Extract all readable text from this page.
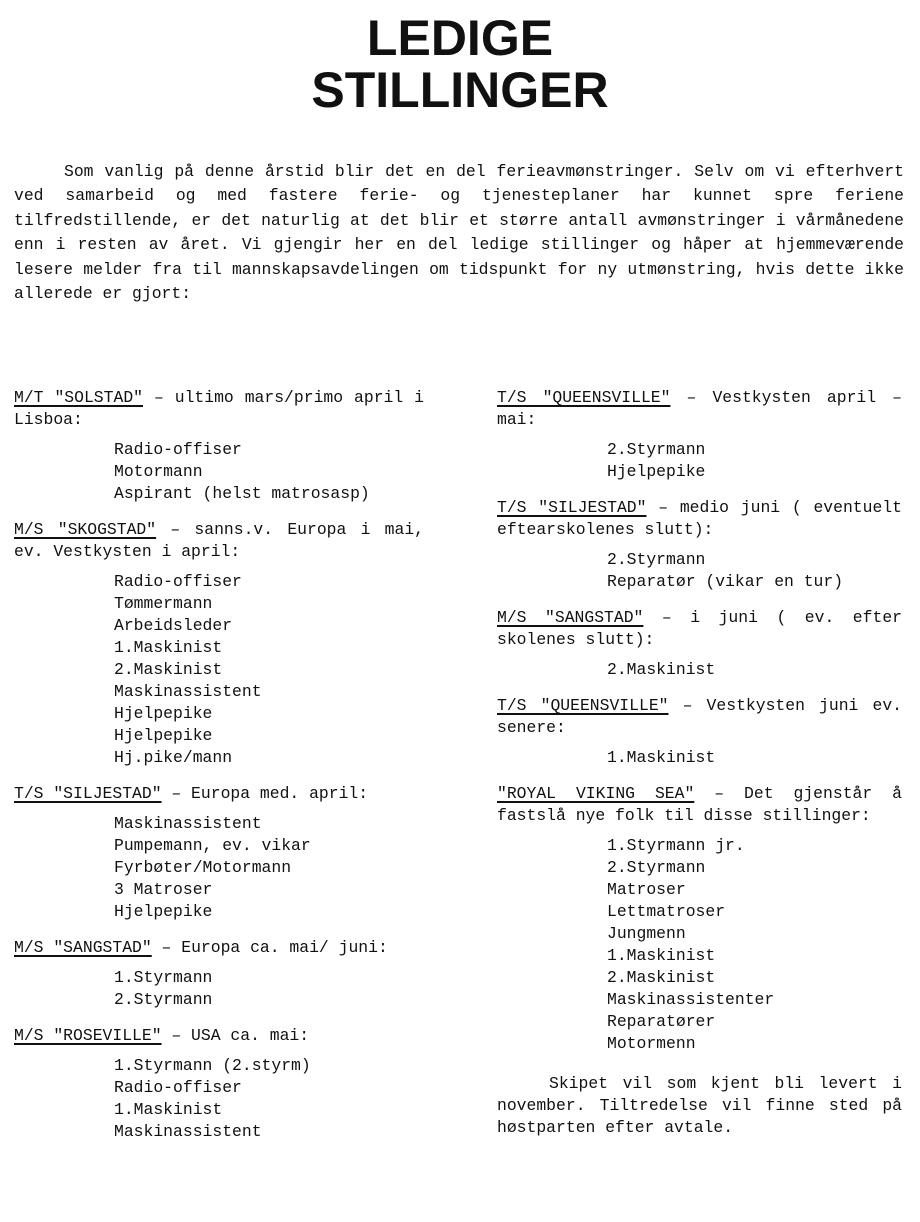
LEDIGE
STILLINGER

Som vanlig på denne årstid blir det en del ferieavmønstringer. Selv om vi efterhvert ved samarbeid og med fastere ferie- og tjenesteplaner har kunnet spre feriene tilfredstillende, er det naturlig at det blir et større antall avmønstringer i vårmånedene enn i resten av året. Vi gjengir her en del ledige stillinger og håper at hjemmeværende lesere melder fra til mannskapsavdelingen om tidspunkt for ny utmønstring, hvis dette ikke allerede er gjort:

M/T "SOLSTAD" – ultimo mars/primo april i Lisboa:

Radio-offiser
Motormann
Aspirant (helst matrosasp)

M/S "SKOGSTAD" – sanns.v. Europa i mai, ev. Vestkysten i april:

Radio-offiser
Tømmermann
Arbeidsleder
1.Maskinist
2.Maskinist
Maskinassistent
Hjelpepike
Hjelpepike
Hj.pike/mann

T/S "SILJESTAD" – Europa med. april:

Maskinassistent
Pumpemann, ev. vikar
Fyrbøter/Motormann
3 Matroser
Hjelpepike

M/S "SANGSTAD" – Europa ca. mai/ juni:

1.Styrmann
2.Styrmann

M/S "ROSEVILLE" – USA ca. mai:

1.Styrmann (2.styrm)
Radio-offiser
1.Maskinist
Maskinassistent

T/S "QUEENSVILLE" – Vestkysten april – mai:

2.Styrmann
Hjelpepike

T/S "SILJESTAD" – medio juni ( eventuelt eftearskolenes slutt):

2.Styrmann
Reparatør (vikar en tur)

M/S "SANGSTAD" – i juni ( ev. efter skolenes slutt):

2.Maskinist

T/S "QUEENSVILLE" – Vestkysten juni ev. senere:

1.Maskinist

"ROYAL VIKING SEA" – Det gjenstår å fastslå nye folk til disse stillinger:

1.Styrmann jr.
2.Styrmann
Matroser
Lettmatroser
Jungmenn
1.Maskinist
2.Maskinist
Maskinassistenter
Reparatører
Motormenn

Skipet vil som kjent bli levert i november. Tiltredelse vil finne sted på høstparten efter avtale.
